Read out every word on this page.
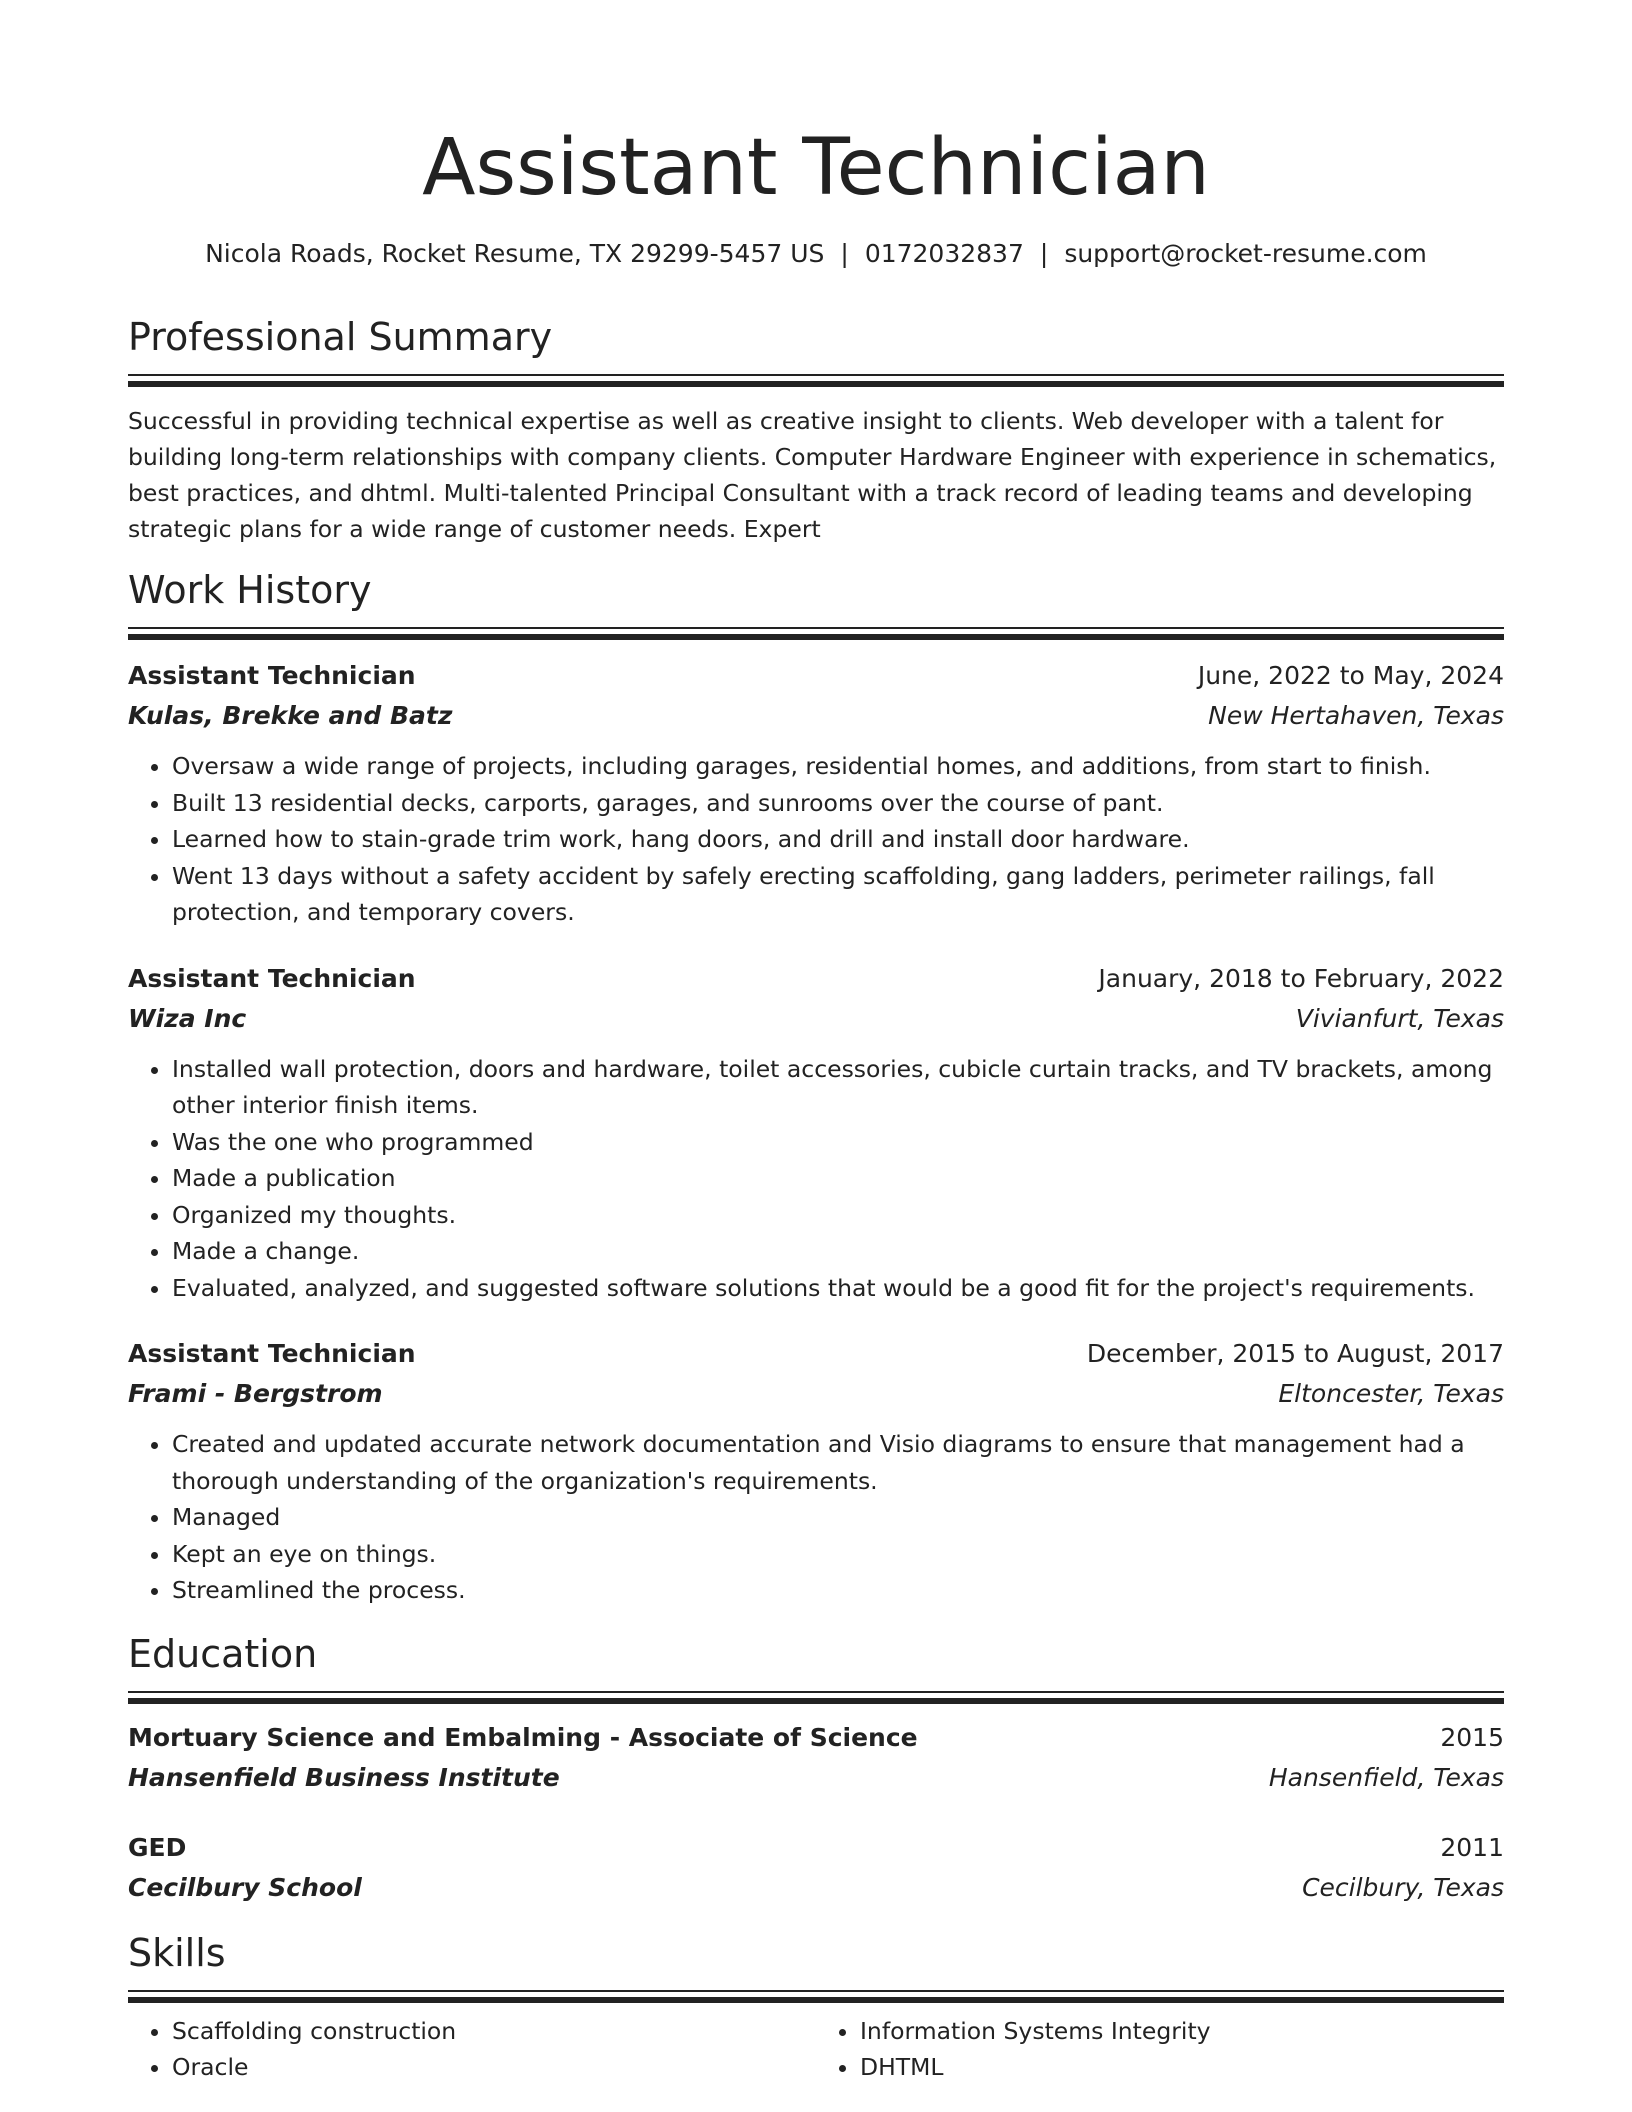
Assistant Technician
Nicola Roads, Rocket Resume, TX 29299-5457 US | 0172032837 | support@rocket-resume.com
Professional Summary
Successful in providing technical expertise as well as creative insight to clients. Web developer with a talent for building long-term relationships with company clients. Computer Hardware Engineer with experience in schematics, best practices, and dhtml. Multi-talented Principal Consultant with a track record of leading teams and developing strategic plans for a wide range of customer needs. Expert
Work History
Assistant Technician	June, 2022 to May, 2024
Kulas, Brekke and Batz	New Hertahaven, Texas
• Oversaw a wide range of projects, including garages, residential homes, and additions, from start to finish.
• Built 13 residential decks, carports, garages, and sunrooms over the course of pant.
• Learned how to stain-grade trim work, hang doors, and drill and install door hardware.
• Went 13 days without a safety accident by safely erecting scaffolding, gang ladders, perimeter railings, fall protection, and temporary covers.
Assistant Technician	January, 2018 to February, 2022
Wiza Inc	Vivianfurt, Texas
• Installed wall protection, doors and hardware, toilet accessories, cubicle curtain tracks, and TV brackets, among other interior finish items.
• Was the one who programmed
• Made a publication
• Organized my thoughts.
• Made a change.
• Evaluated, analyzed, and suggested software solutions that would be a good fit for the project's requirements.
Assistant Technician	December, 2015 to August, 2017
Frami - Bergstrom	Eltoncester, Texas
• Created and updated accurate network documentation and Visio diagrams to ensure that management had a thorough understanding of the organization's requirements.
• Managed
• Kept an eye on things.
• Streamlined the process.
Education
Mortuary Science and Embalming - Associate of Science	2015
Hansenfield Business Institute	Hansenfield, Texas
GED	2011
Cecilbury School	Cecilbury, Texas
Skills
• Scaffolding construction
• Oracle
• Information Systems Integrity
• DHTML
